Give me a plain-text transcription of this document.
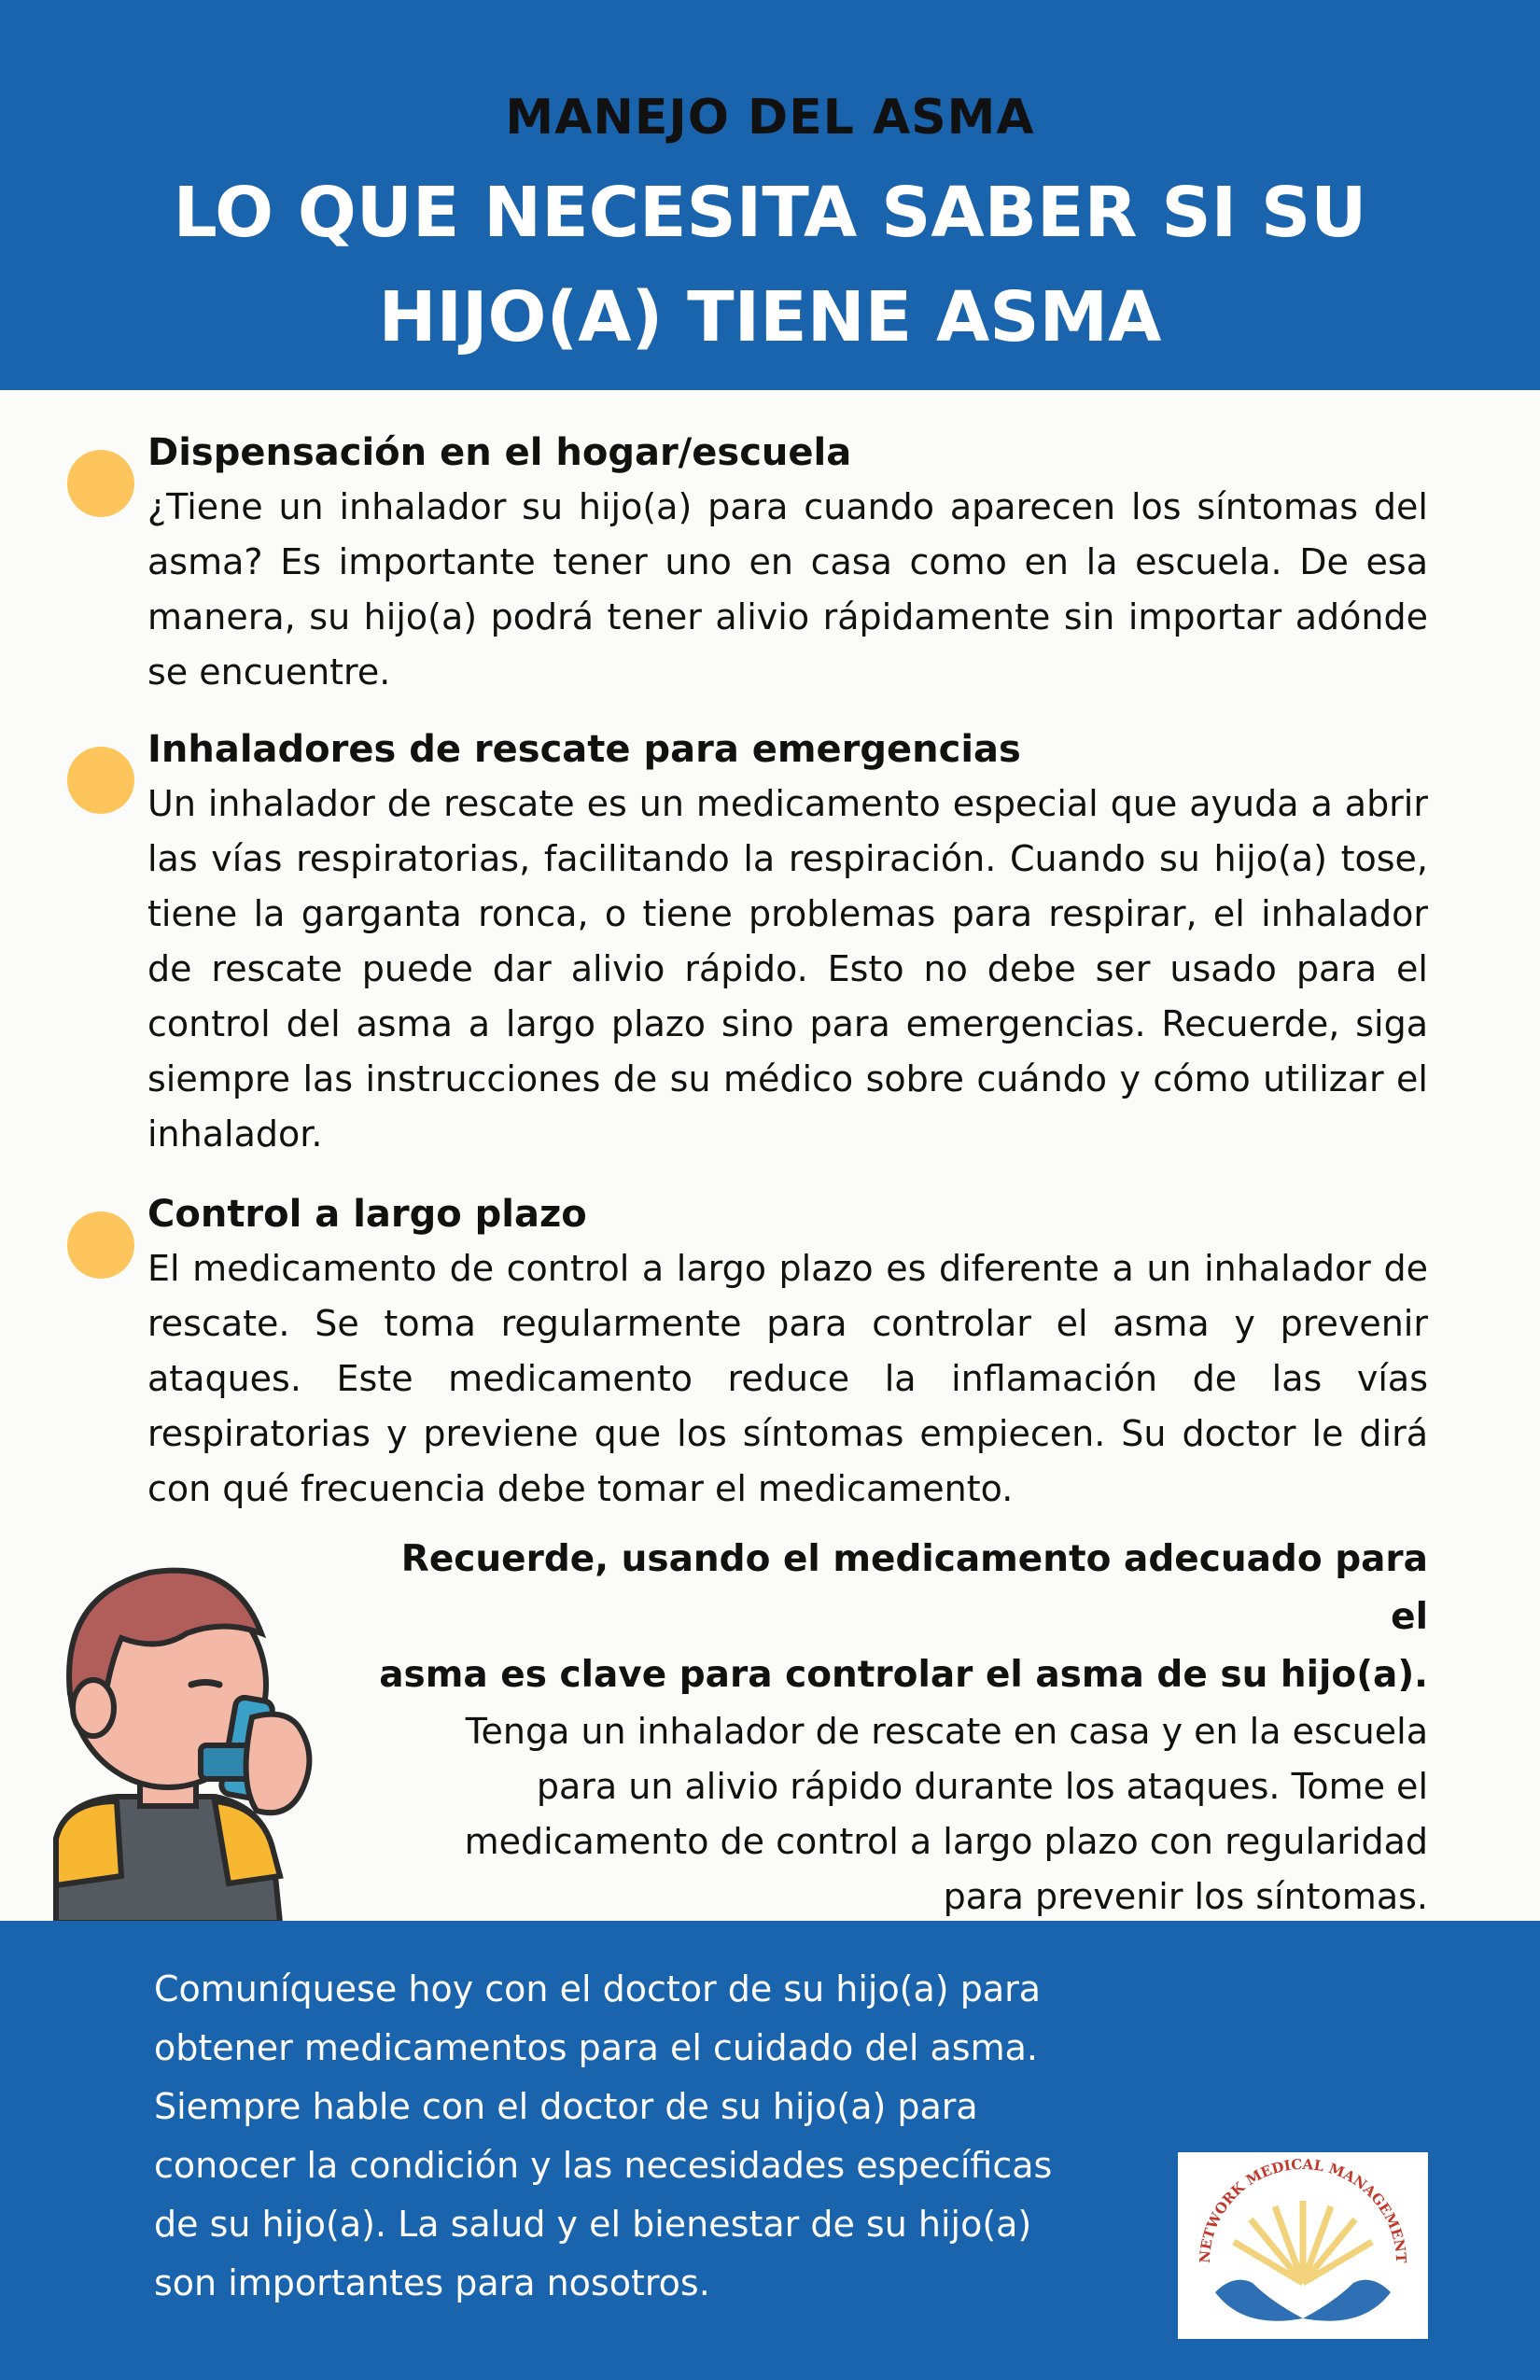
MANEJO DEL ASMA
LO QUE NECESITA SABER SI SU
HIJO(A) TIENE ASMA
Dispensación en el hogar/escuela
¿Tiene un inhalador su hijo(a) para cuando aparecen los síntomas del asma? Es importante tener uno en casa como en la escuela. De esa manera, su hijo(a) podrá tener alivio rápidamente sin importar adónde se encuentre.
Inhaladores de rescate para emergencias
Un inhalador de rescate es un medicamento especial que ayuda a abrir las vías respiratorias, facilitando la respiración. Cuando su hijo(a) tose, tiene la garganta ronca, o tiene problemas para respirar, el inhalador de rescate puede dar alivio rápido. Esto no debe ser usado para el control del asma a largo plazo sino para emergencias. Recuerde, siga siempre las instrucciones de su médico sobre cuándo y cómo utilizar el inhalador.
Control a largo plazo
El medicamento de control a largo plazo es diferente a un inhalador de rescate. Se toma regularmente para controlar el asma y prevenir ataques. Este medicamento reduce la inflamación de las vías respiratorias y previene que los síntomas empiecen. Su doctor le dirá con qué frecuencia debe tomar el medicamento.
Recuerde, usando el medicamento adecuado para el
asma es clave para controlar el asma de su hijo(a).
Tenga un inhalador de rescate en casa y en la escuela
para un alivio rápido durante los ataques. Tome el
medicamento de control a largo plazo con regularidad
para prevenir los síntomas.
Comuníquese hoy con el doctor de su hijo(a) para
obtener medicamentos para el cuidado del asma.
Siempre hable con el doctor de su hijo(a) para
conocer la condición y las necesidades específicas
de su hijo(a). La salud y el bienestar de su hijo(a)
son importantes para nosotros.
NETWORK MEDICAL MANAGEMENT
